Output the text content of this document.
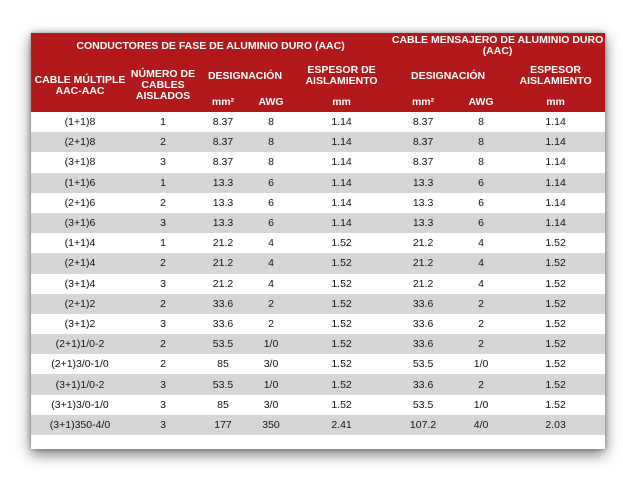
CONDUCTORES DE FASE DE ALUMINIO DURO (AAC)					CABLE MENSAJERO DE ALUMINIO DURO (AAC)		
CABLE MÚLTIPLE AAC-AAC	NÚMERO DE CABLES AISLADOS	DESIGNACIÓN		ESPESOR DE AISLAMIENTO	DESIGNACIÓN		ESPESOR AISLAMIENTO
		mm²	AWG	mm	mm²	AWG	mm
(1+1)8	1	8.37	8	1.14	8.37	8	1.14
(2+1)8	2	8.37	8	1.14	8.37	8	1.14
(3+1)8	3	8.37	8	1.14	8.37	8	1.14
(1+1)6	1	13.3	6	1.14	13.3	6	1.14
(2+1)6	2	13.3	6	1.14	13.3	6	1.14
(3+1)6	3	13.3	6	1.14	13.3	6	1.14
(1+1)4	1	21.2	4	1.52	21.2	4	1.52
(2+1)4	2	21.2	4	1.52	21.2	4	1.52
(3+1)4	3	21.2	4	1.52	21.2	4	1.52
(2+1)2	2	33.6	2	1.52	33.6	2	1.52
(3+1)2	3	33.6	2	1.52	33.6	2	1.52
(2+1)1/0-2	2	53.5	1/0	1.52	33.6	2	1.52
(2+1)3/0-1/0	2	85	3/0	1.52	53.5	1/0	1.52
(3+1)1/0-2	3	53.5	1/0	1.52	33.6	2	1.52
(3+1)3/0-1/0	3	85	3/0	1.52	53.5	1/0	1.52
(3+1)350-4/0	3	177	350	2.41	107.2	4/0	2.03
